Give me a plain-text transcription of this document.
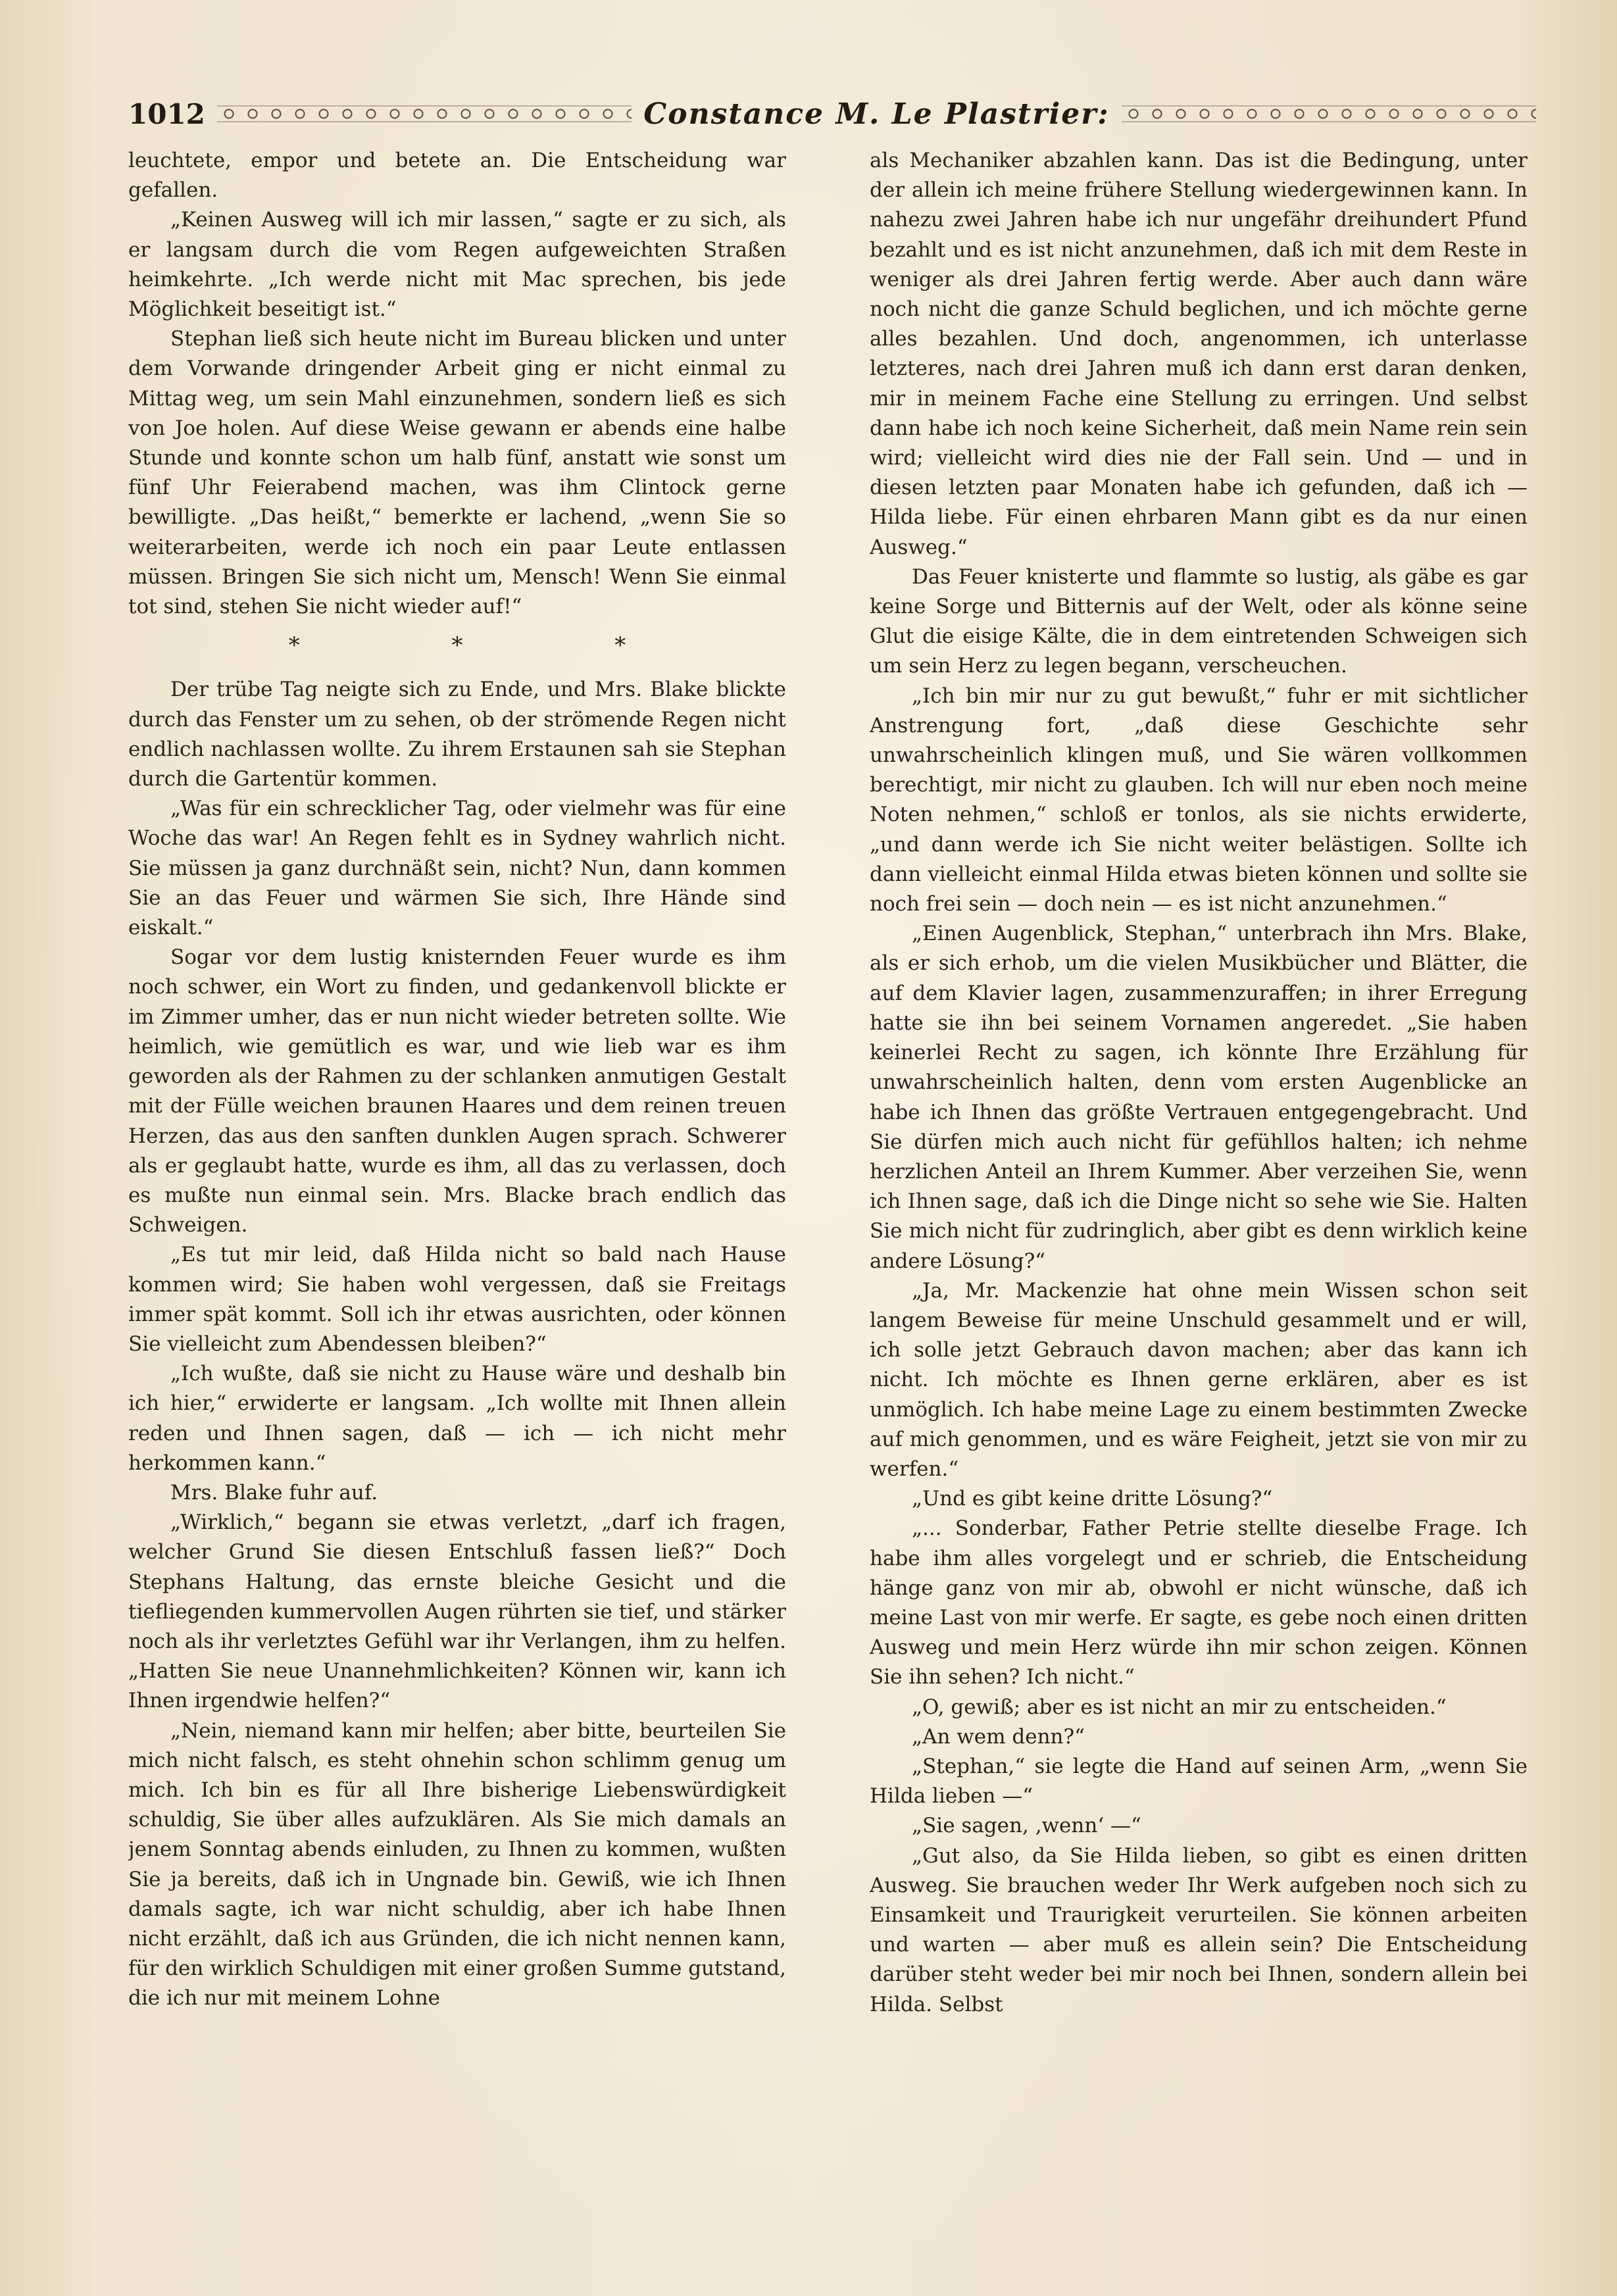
1012	Constance M. Le Plastrier:

leuchtete, empor und betete an. Die Entscheidung war gefallen.

„Keinen Ausweg will ich mir lassen,“ sagte er zu sich, als er langsam durch die vom Regen aufgeweichten Straßen heimkehrte. „Ich werde nicht mit Mac sprechen, bis jede Möglichkeit beseitigt ist.“

Stephan ließ sich heute nicht im Bureau blicken und unter dem Vorwande dringender Arbeit ging er nicht einmal zu Mittag weg, um sein Mahl einzunehmen, sondern ließ es sich von Joe holen. Auf diese Weise gewann er abends eine halbe Stunde und konnte schon um halb fünf, anstatt wie sonst um fünf Uhr Feierabend machen, was ihm Clintock gerne bewilligte. „Das heißt,“ bemerkte er lachend, „wenn Sie so weiterarbeiten, werde ich noch ein paar Leute entlassen müssen. Bringen Sie sich nicht um, Mensch! Wenn Sie einmal tot sind, stehen Sie nicht wieder auf!“

* * *

Der trübe Tag neigte sich zu Ende, und Mrs. Blake blickte durch das Fenster um zu sehen, ob der strömende Regen nicht endlich nachlassen wollte. Zu ihrem Erstaunen sah sie Stephan durch die Gartentür kommen.

„Was für ein schrecklicher Tag, oder vielmehr was für eine Woche das war! An Regen fehlt es in Sydney wahrlich nicht. Sie müssen ja ganz durchnäßt sein, nicht? Nun, dann kommen Sie an das Feuer und wärmen Sie sich, Ihre Hände sind eiskalt.“

Sogar vor dem lustig knisternden Feuer wurde es ihm noch schwer, ein Wort zu finden, und gedankenvoll blickte er im Zimmer umher, das er nun nicht wieder betreten sollte. Wie heimlich, wie gemütlich es war, und wie lieb war es ihm geworden als der Rahmen zu der schlanken anmutigen Gestalt mit der Fülle weichen braunen Haares und dem reinen treuen Herzen, das aus den sanften dunklen Augen sprach. Schwerer als er geglaubt hatte, wurde es ihm, all das zu verlassen, doch es mußte nun einmal sein. Mrs. Blacke brach endlich das Schweigen.

„Es tut mir leid, daß Hilda nicht so bald nach Hause kommen wird; Sie haben wohl vergessen, daß sie Freitags immer spät kommt. Soll ich ihr etwas ausrichten, oder können Sie vielleicht zum Abendessen bleiben?“

„Ich wußte, daß sie nicht zu Hause wäre und deshalb bin ich hier,“ erwiderte er langsam. „Ich wollte mit Ihnen allein reden und Ihnen sagen, daß — ich — ich nicht mehr herkommen kann.“

Mrs. Blake fuhr auf.

„Wirklich,“ begann sie etwas verletzt, „darf ich fragen, welcher Grund Sie diesen Entschluß fassen ließ?“ Doch Stephans Haltung, das ernste bleiche Gesicht und die tiefliegenden kummervollen Augen rührten sie tief, und stärker noch als ihr verletztes Gefühl war ihr Verlangen, ihm zu helfen. „Hatten Sie neue Unannehmlichkeiten? Können wir, kann ich Ihnen irgendwie helfen?“

„Nein, niemand kann mir helfen; aber bitte, beurteilen Sie mich nicht falsch, es steht ohnehin schon schlimm genug um mich. Ich bin es für all Ihre bisherige Liebenswürdigkeit schuldig, Sie über alles aufzuklären. Als Sie mich damals an jenem Sonntag abends einluden, zu Ihnen zu kommen, wußten Sie ja bereits, daß ich in Ungnade bin. Gewiß, wie ich Ihnen damals sagte, ich war nicht schuldig, aber ich habe Ihnen nicht erzählt, daß ich aus Gründen, die ich nicht nennen kann, für den wirklich Schuldigen mit einer großen Summe gutstand, die ich nur mit meinem Lohne

als Mechaniker abzahlen kann. Das ist die Bedingung, unter der allein ich meine frühere Stellung wiedergewinnen kann. In nahezu zwei Jahren habe ich nur ungefähr dreihundert Pfund bezahlt und es ist nicht anzunehmen, daß ich mit dem Reste in weniger als drei Jahren fertig werde. Aber auch dann wäre noch nicht die ganze Schuld beglichen, und ich möchte gerne alles bezahlen. Und doch, angenommen, ich unterlasse letzteres, nach drei Jahren muß ich dann erst daran denken, mir in meinem Fache eine Stellung zu erringen. Und selbst dann habe ich noch keine Sicherheit, daß mein Name rein sein wird; vielleicht wird dies nie der Fall sein. Und — und in diesen letzten paar Monaten habe ich gefunden, daß ich — Hilda liebe. Für einen ehrbaren Mann gibt es da nur einen Ausweg.“

Das Feuer knisterte und flammte so lustig, als gäbe es gar keine Sorge und Bitternis auf der Welt, oder als könne seine Glut die eisige Kälte, die in dem eintretenden Schweigen sich um sein Herz zu legen begann, verscheuchen.

„Ich bin mir nur zu gut bewußt,“ fuhr er mit sichtlicher Anstrengung fort, „daß diese Geschichte sehr unwahrscheinlich klingen muß, und Sie wären vollkommen berechtigt, mir nicht zu glauben. Ich will nur eben noch meine Noten nehmen,“ schloß er tonlos, als sie nichts erwiderte, „und dann werde ich Sie nicht weiter belästigen. Sollte ich dann vielleicht einmal Hilda etwas bieten können und sollte sie noch frei sein — doch nein — es ist nicht anzunehmen.“

„Einen Augenblick, Stephan,“ unterbrach ihn Mrs. Blake, als er sich erhob, um die vielen Musikbücher und Blätter, die auf dem Klavier lagen, zusammenzuraffen; in ihrer Erregung hatte sie ihn bei seinem Vornamen angeredet. „Sie haben keinerlei Recht zu sagen, ich könnte Ihre Erzählung für unwahrscheinlich halten, denn vom ersten Augenblicke an habe ich Ihnen das größte Vertrauen entgegengebracht. Und Sie dürfen mich auch nicht für gefühllos halten; ich nehme herzlichen Anteil an Ihrem Kummer. Aber verzeihen Sie, wenn ich Ihnen sage, daß ich die Dinge nicht so sehe wie Sie. Halten Sie mich nicht für zudringlich, aber gibt es denn wirklich keine andere Lösung?“

„Ja, Mr. Mackenzie hat ohne mein Wissen schon seit langem Beweise für meine Unschuld gesammelt und er will, ich solle jetzt Gebrauch davon machen; aber das kann ich nicht. Ich möchte es Ihnen gerne erklären, aber es ist unmöglich. Ich habe meine Lage zu einem bestimmten Zwecke auf mich genommen, und es wäre Feigheit, jetzt sie von mir zu werfen.“

„Und es gibt keine dritte Lösung?“

„... Sonderbar, Father Petrie stellte dieselbe Frage. Ich habe ihm alles vorgelegt und er schrieb, die Entscheidung hänge ganz von mir ab, obwohl er nicht wünsche, daß ich meine Last von mir werfe. Er sagte, es gebe noch einen dritten Ausweg und mein Herz würde ihn mir schon zeigen. Können Sie ihn sehen? Ich nicht.“

„O, gewiß; aber es ist nicht an mir zu entscheiden.“

„An wem denn?“

„Stephan,“ sie legte die Hand auf seinen Arm, „wenn Sie Hilda lieben —“

„Sie sagen, ‚wenn‘ —“

„Gut also, da Sie Hilda lieben, so gibt es einen dritten Ausweg. Sie brauchen weder Ihr Werk aufgeben noch sich zu Einsamkeit und Traurigkeit verurteilen. Sie können arbeiten und warten — aber muß es allein sein? Die Entscheidung darüber steht weder bei mir noch bei Ihnen, sondern allein bei Hilda. Selbst
